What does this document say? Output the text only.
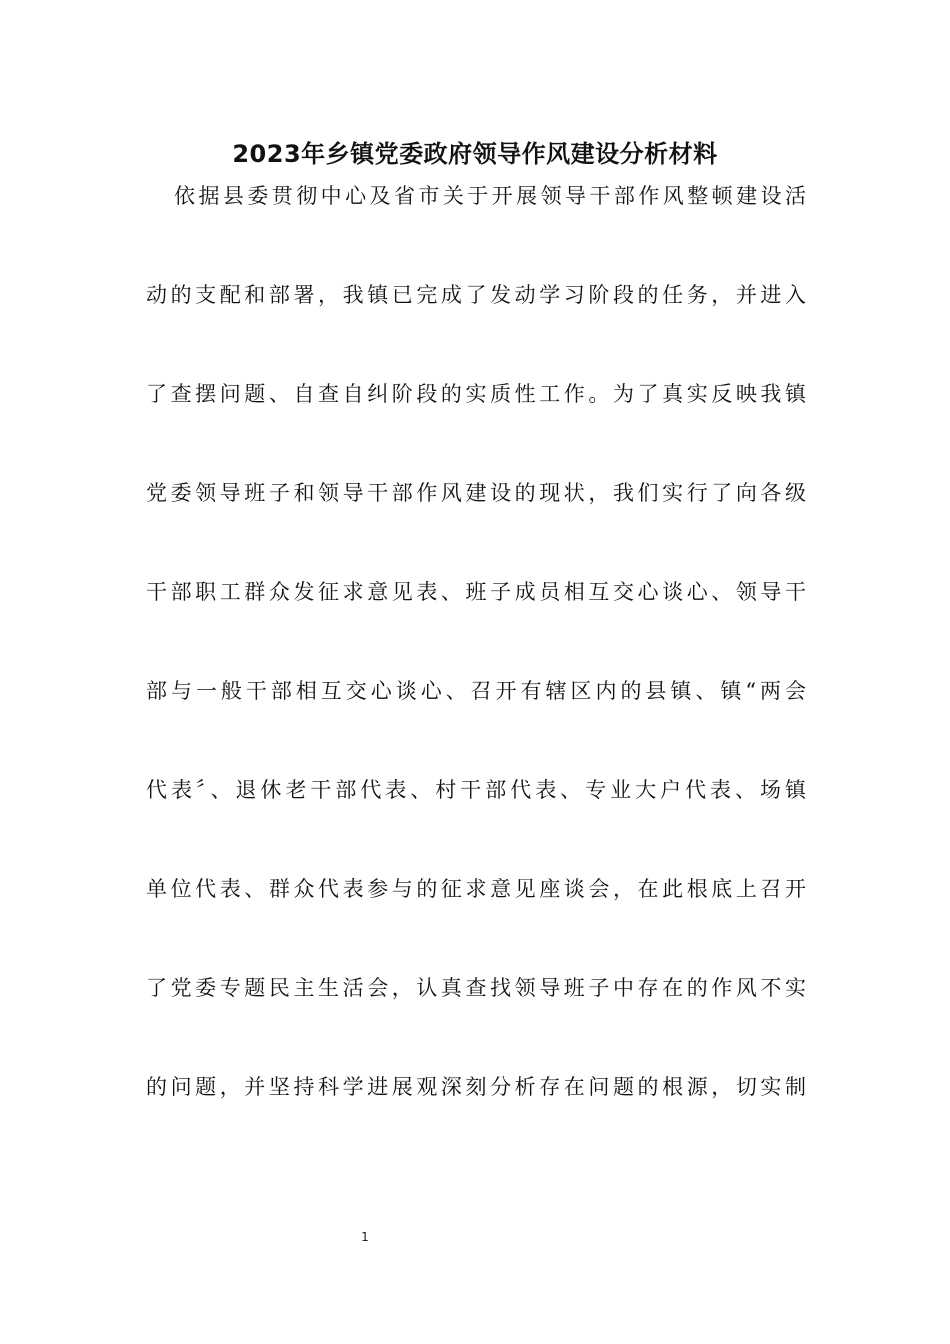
2023年乡镇党委政府领导作风建设分析材料
依据县委贯彻中心及省市关于开展领导干部作风整顿建设活
动的支配和部署，我镇已完成了发动学习阶段的任务，并进入
了查摆问题、自查自纠阶段的实质性工作。为了真实反映我镇
党委领导班子和领导干部作风建设的现状，我们实行了向各级
干部职工群众发征求意见表、班子成员相互交心谈心、领导干
部与一般干部相互交心谈心、召开有辖区内的县镇、镇“两会
代表〞、退休老干部代表、村干部代表、专业大户代表、场镇
单位代表、群众代表参与的征求意见座谈会，在此根底上召开
了党委专题民主生活会，认真查找领导班子中存在的作风不实
的问题，并坚持科学进展观深刻分析存在问题的根源，切实制
1
